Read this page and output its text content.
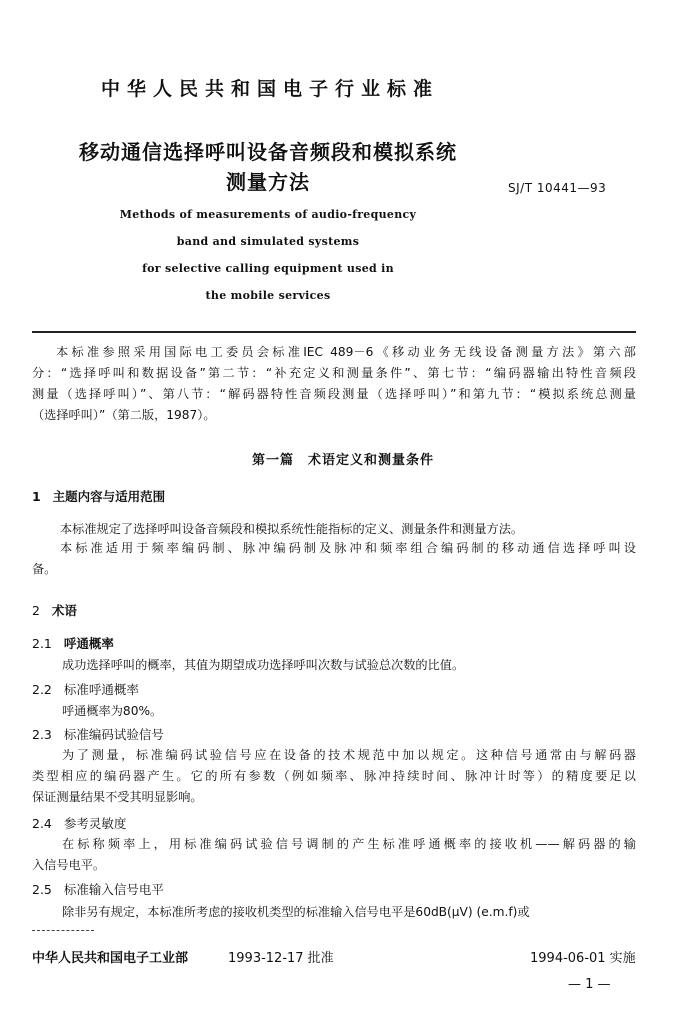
中华人民共和国电子行业标准
移动通信选择呼叫设备音频段和模拟系统
测量方法	SJ/T 10441—93
Methods of measurements of audio-frequency
band and simulated systems
for selective calling equipment used in
the mobile services
本标准参照采用国际电工委员会标准IEC 489－6《移动业务无线设备测量方法》第六部
分：“选择呼叫和数据设备”第二节：“补充定义和测量条件”、第七节：“编码器输出特性音频段
测量（选择呼叫）”、第八节：“解码器特性音频段测量（选择呼叫）”和第九节：“模拟系统总测量
（选择呼叫）”（第二版，1987）。
第一篇　术语定义和测量条件
1 主题内容与适用范围
本标准规定了选择呼叫设备音频段和模拟系统性能指标的定义、测量条件和测量方法。
本标准适用于频率编码制、脉冲编码制及脉冲和频率组合编码制的移动通信选择呼叫设
备。
2 术语
2.1 呼通概率
成功选择呼叫的概率，其值为期望成功选择呼叫次数与试验总次数的比值。
2.2 标准呼通概率
呼通概率为80%。
2.3 标准编码试验信号
为了测量，标准编码试验信号应在设备的技术规范中加以规定。这种信号通常由与解码器
类型相应的编码器产生。它的所有参数（例如频率、脉冲持续时间、脉冲计时等）的精度要足以
保证测量结果不受其明显影响。
2.4 参考灵敏度
在标称频率上，用标准编码试验信号调制的产生标准呼通概率的接收机——解码器的输
入信号电平。
2.5 标准输入信号电平
除非另有规定，本标准所考虑的接收机类型的标准输入信号电平是60dB(μV) (e.m.f)或
中华人民共和国电子工业部	1993-12-17 批准	1994-06-01 实施
— 1 —
